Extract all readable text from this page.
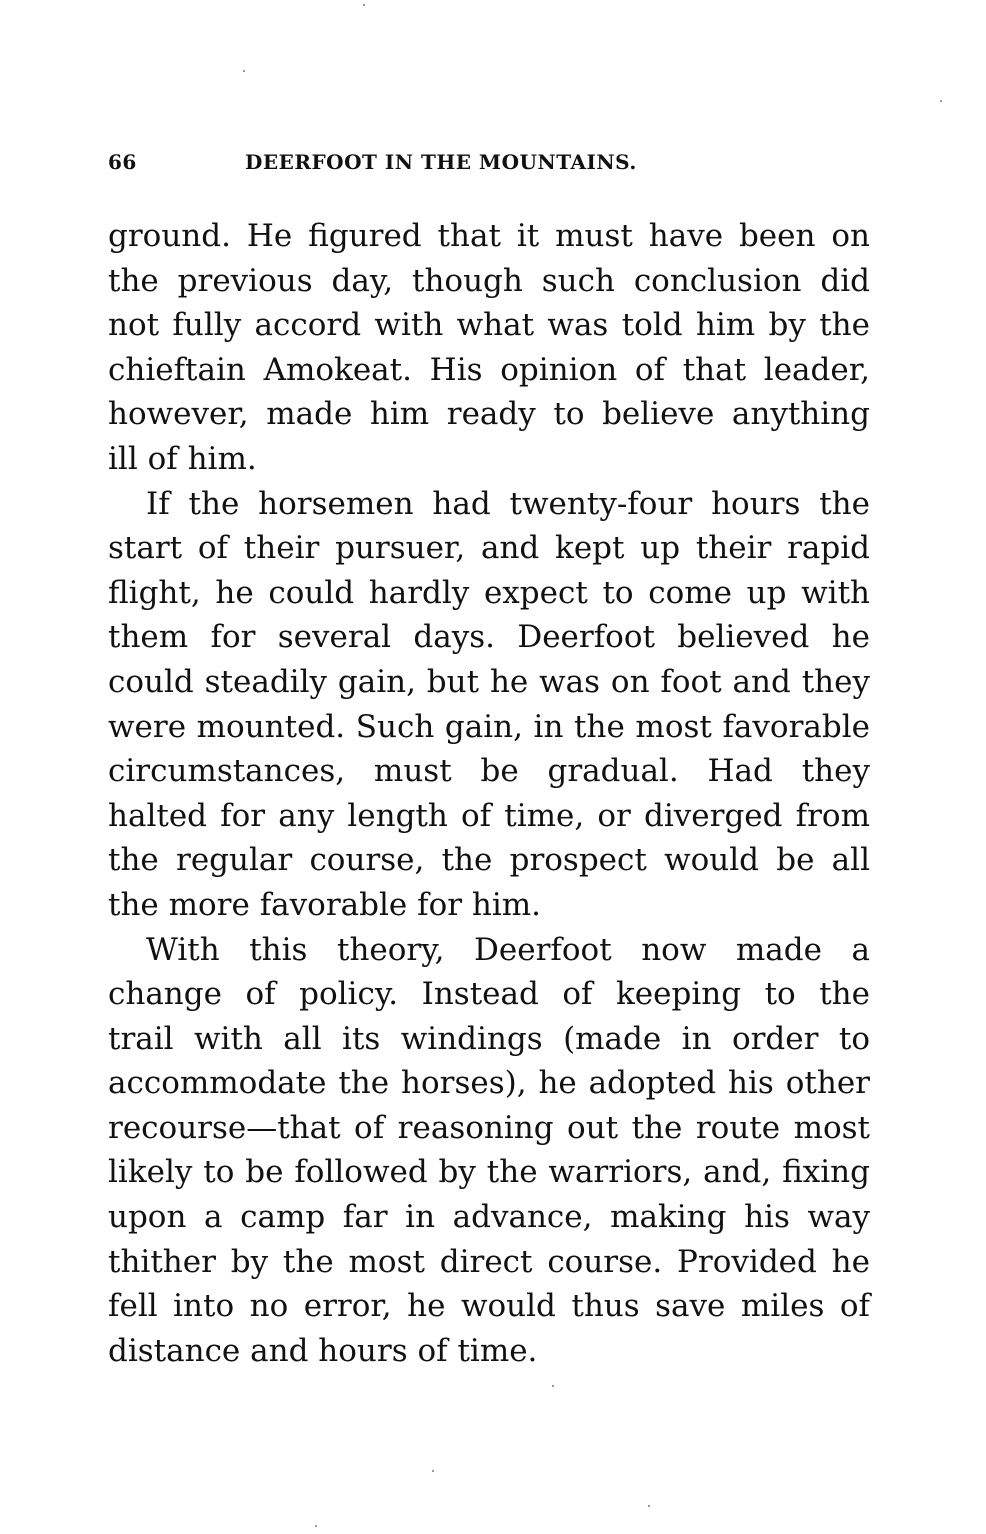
66	DEERFOOT IN THE MOUNTAINS.

ground. He figured that it must have been on
the previous day, though such conclusion did
not fully accord with what was told him by the
chieftain Amokeat. His opinion of that leader,
however, made him ready to believe anything
ill of him.

If the horsemen had twenty-four hours the
start of their pursuer, and kept up their rapid
flight, he could hardly expect to come up with
them for several days. Deerfoot believed he
could steadily gain, but he was on foot and they
were mounted. Such gain, in the most favorable
circumstances, must be gradual. Had they
halted for any length of time, or diverged from
the regular course, the prospect would be all
the more favorable for him.

With this theory, Deerfoot now made a
change of policy. Instead of keeping to the
trail with all its windings (made in order to
accommodate the horses), he adopted his other
recourse—that of reasoning out the route most
likely to be followed by the warriors, and, fixing
upon a camp far in advance, making his way
thither by the most direct course. Provided he
fell into no error, he would thus save miles of
distance and hours of time.
